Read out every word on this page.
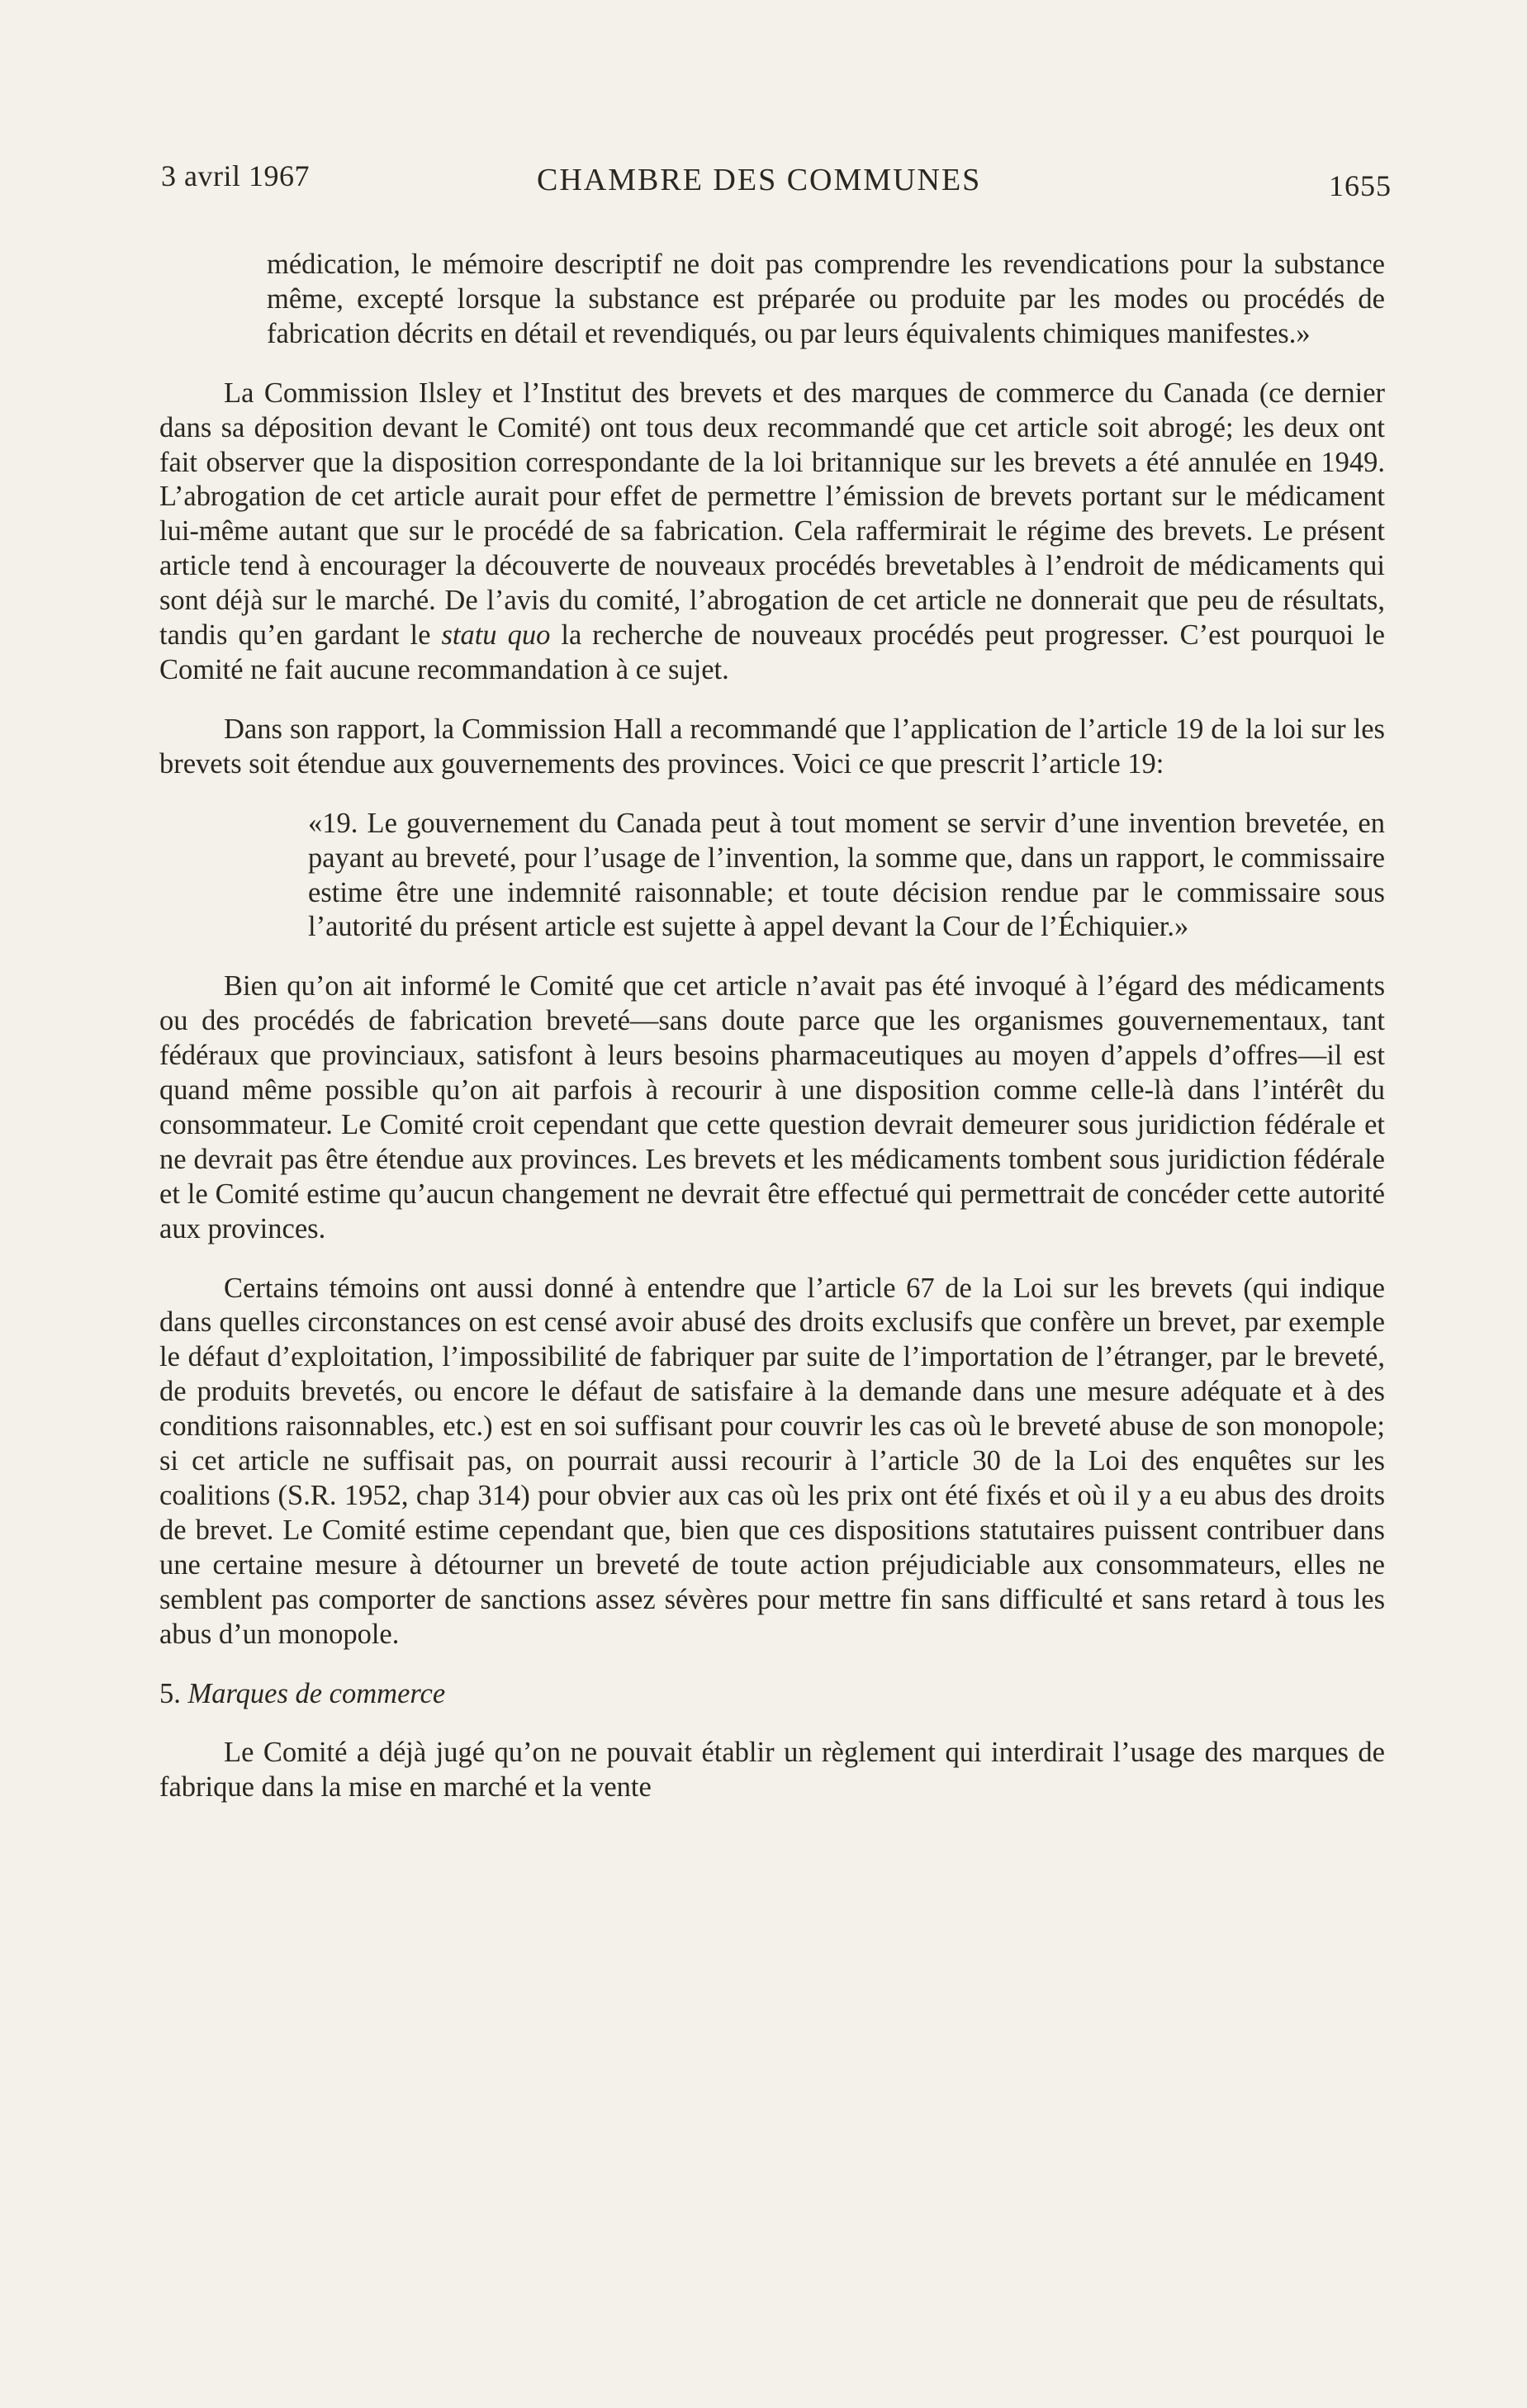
3 avril 1967	CHAMBRE DES COMMUNES	1655

médication, le mémoire descriptif ne doit pas comprendre les revendications pour la substance même, excepté lorsque la substance est préparée ou produite par les modes ou procédés de fabrication décrits en détail et revendiqués, ou par leurs équivalents chimiques manifestes.»

La Commission Ilsley et l’Institut des brevets et des marques de commerce du Canada (ce dernier dans sa déposition devant le Comité) ont tous deux recommandé que cet article soit abrogé; les deux ont fait observer que la disposition correspondante de la loi britannique sur les brevets a été annulée en 1949. L’abrogation de cet article aurait pour effet de permettre l’émission de brevets portant sur le médicament lui-même autant que sur le procédé de sa fabrication. Cela raffermirait le régime des brevets. Le présent article tend à encourager la découverte de nouveaux procédés brevetables à l’endroit de médicaments qui sont déjà sur le marché. De l’avis du comité, l’abrogation de cet article ne donnerait que peu de résultats, tandis qu’en gardant le statu quo la recherche de nouveaux procédés peut progresser. C’est pourquoi le Comité ne fait aucune recommandation à ce sujet.

Dans son rapport, la Commission Hall a recommandé que l’application de l’article 19 de la loi sur les brevets soit étendue aux gouvernements des provinces. Voici ce que prescrit l’article 19:

«19. Le gouvernement du Canada peut à tout moment se servir d’une invention brevetée, en payant au breveté, pour l’usage de l’invention, la somme que, dans un rapport, le commissaire estime être une indemnité raisonnable; et toute décision rendue par le commissaire sous l’autorité du présent article est sujette à appel devant la Cour de l’Échiquier.»

Bien qu’on ait informé le Comité que cet article n’avait pas été invoqué à l’égard des médicaments ou des procédés de fabrication breveté—sans doute parce que les organismes gouvernementaux, tant fédéraux que provinciaux, satisfont à leurs besoins pharmaceutiques au moyen d’appels d’offres—il est quand même possible qu’on ait parfois à recourir à une disposition comme celle-là dans l’intérêt du consommateur. Le Comité croit cependant que cette question devrait demeurer sous juridiction fédérale et ne devrait pas être étendue aux provinces. Les brevets et les médicaments tombent sous juridiction fédérale et le Comité estime qu’aucun changement ne devrait être effectué qui permettrait de concéder cette autorité aux provinces.

Certains témoins ont aussi donné à entendre que l’article 67 de la Loi sur les brevets (qui indique dans quelles circonstances on est censé avoir abusé des droits exclusifs que confère un brevet, par exemple le défaut d’exploitation, l’impossibilité de fabriquer par suite de l’importation de l’étranger, par le breveté, de produits brevetés, ou encore le défaut de satisfaire à la demande dans une mesure adéquate et à des conditions raisonnables, etc.) est en soi suffisant pour couvrir les cas où le breveté abuse de son monopole; si cet article ne suffisait pas, on pourrait aussi recourir à l’article 30 de la Loi des enquêtes sur les coalitions (S.R. 1952, chap 314) pour obvier aux cas où les prix ont été fixés et où il y a eu abus des droits de brevet. Le Comité estime cependant que, bien que ces dispositions statutaires puissent contribuer dans une certaine mesure à détourner un breveté de toute action préjudiciable aux consommateurs, elles ne semblent pas comporter de sanctions assez sévères pour mettre fin sans difficulté et sans retard à tous les abus d’un monopole.

5. Marques de commerce

Le Comité a déjà jugé qu’on ne pouvait établir un règlement qui interdirait l’usage des marques de fabrique dans la mise en marché et la vente
